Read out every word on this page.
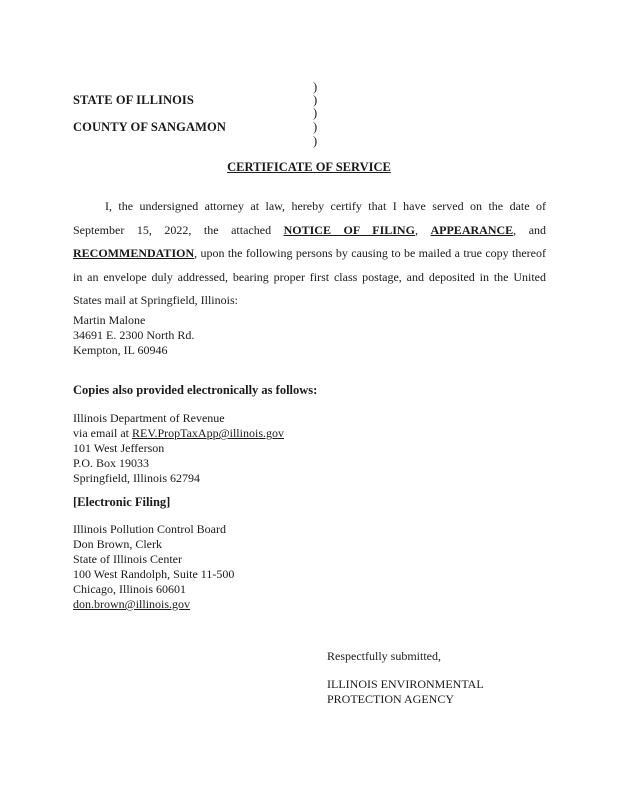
)
STATE OF ILLINOIS	)
)
COUNTY OF SANGAMON	)
)
CERTIFICATE OF SERVICE
I, the undersigned attorney at law, hereby certify that I have served on the date of September 15, 2022, the attached NOTICE OF FILING, APPEARANCE, and RECOMMENDATION, upon the following persons by causing to be mailed a true copy thereof in an envelope duly addressed, bearing proper first class postage, and deposited in the United States mail at Springfield, Illinois:
Martin Malone
34691 E. 2300 North Rd.
Kempton, IL 60946
Copies also provided electronically as follows:
Illinois Department of Revenue
via email at REV.PropTaxApp@illinois.gov
101 West Jefferson
P.O. Box 19033
Springfield, Illinois 62794
[Electronic Filing]
Illinois Pollution Control Board
Don Brown, Clerk
State of Illinois Center
100 West Randolph, Suite 11-500
Chicago, Illinois 60601
don.brown@illinois.gov
Respectfully submitted,
ILLINOIS ENVIRONMENTAL
PROTECTION AGENCY
